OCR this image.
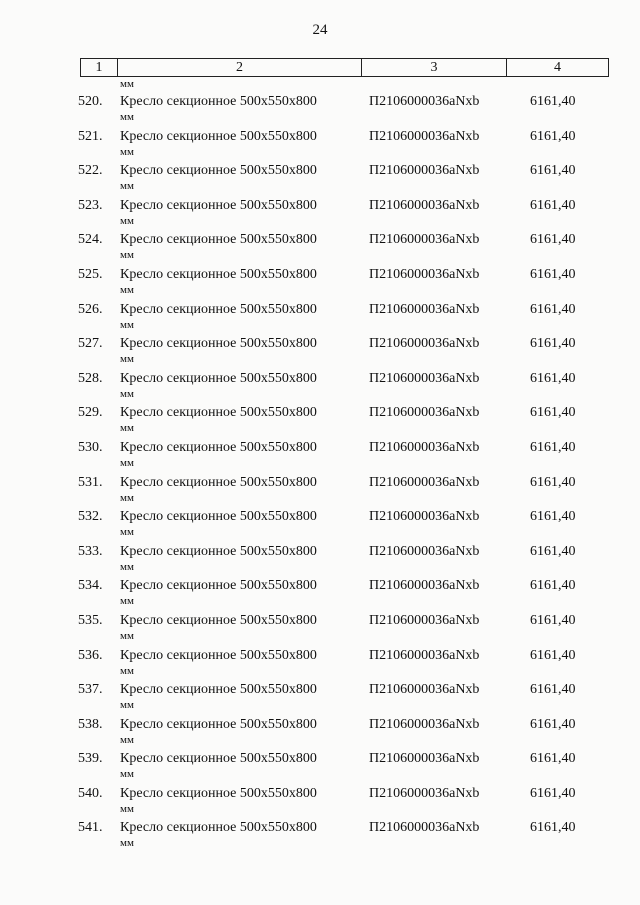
24
1	2	3	4
мм
520. Кресло секционное 500х550х800
мм
П2106000036aNxb	6161,40
521. Кресло секционное 500х550х800
мм
П2106000036aNxb	6161,40
522. Кресло секционное 500х550х800
мм
П2106000036aNxb	6161,40
523. Кресло секционное 500х550х800
мм
П2106000036aNxb	6161,40
524. Кресло секционное 500х550х800
мм
П2106000036aNxb	6161,40
525. Кресло секционное 500х550х800
мм
П2106000036aNxb	6161,40
526. Кресло секционное 500х550х800
мм
П2106000036aNxb	6161,40
527. Кресло секционное 500х550х800
мм
П2106000036aNxb	6161,40
528. Кресло секционное 500х550х800
мм
П2106000036aNxb	6161,40
529. Кресло секционное 500х550х800
мм
П2106000036aNxb	6161,40
530. Кресло секционное 500х550х800
мм
П2106000036aNxb	6161,40
531. Кресло секционное 500х550х800
мм
П2106000036aNxb	6161,40
532. Кресло секционное 500х550х800
мм
П2106000036aNxb	6161,40
533. Кресло секционное 500х550х800
мм
П2106000036aNxb	6161,40
534. Кресло секционное 500х550х800
мм
П2106000036aNxb	6161,40
535. Кресло секционное 500х550х800
мм
П2106000036aNxb	6161,40
536. Кресло секционное 500х550х800
мм
П2106000036aNxb	6161,40
537. Кресло секционное 500х550х800
мм
П2106000036aNxb	6161,40
538. Кресло секционное 500х550х800
мм
П2106000036aNxb	6161,40
539. Кресло секционное 500х550х800
мм
П2106000036aNxb	6161,40
540. Кресло секционное 500х550х800
мм
П2106000036aNxb	6161,40
541. Кресло секционное 500х550х800
мм
П2106000036aNxb	6161,40
